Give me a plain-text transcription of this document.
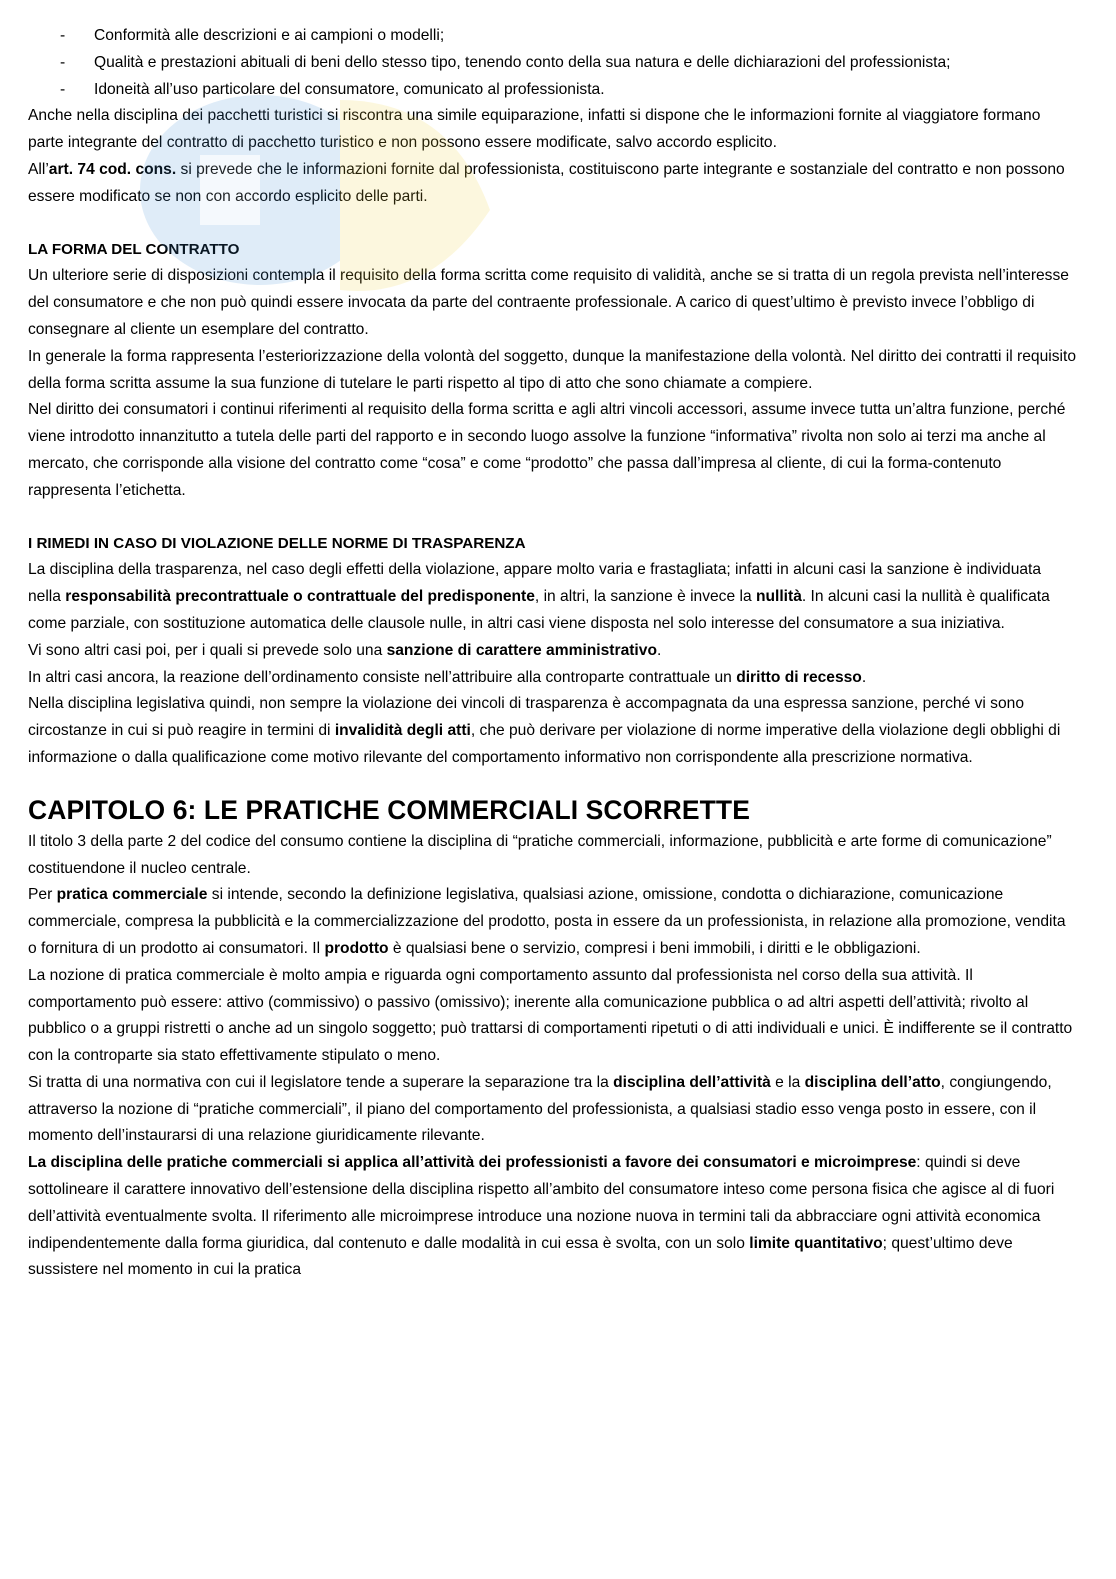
- Conformità alle descrizioni e ai campioni o modelli;
- Qualità e prestazioni abituali di beni dello stesso tipo, tenendo conto della sua natura e delle dichiarazioni del professionista;
- Idoneità all’uso particolare del consumatore, comunicato al professionista.

Anche nella disciplina dei pacchetti turistici si riscontra una simile equiparazione, infatti si dispone che le informazioni fornite al viaggiatore formano parte integrante del contratto di pacchetto turistico e non possono essere modificate, salvo accordo esplicito.

All’art. 74 cod. cons. si prevede che le informazioni fornite dal professionista, costituiscono parte integrante e sostanziale del contratto e non possono essere modificato se non con accordo esplicito delle parti.

LA FORMA DEL CONTRATTO

Un ulteriore serie di disposizioni contempla il requisito della forma scritta come requisito di validità, anche se si tratta di un regola prevista nell’interesse del consumatore e che non può quindi essere invocata da parte del contraente professionale. A carico di quest’ultimo è previsto invece l’obbligo di consegnare al cliente un esemplare del contratto.

In generale la forma rappresenta l’esteriorizzazione della volontà del soggetto, dunque la manifestazione della volontà. Nel diritto dei contratti il requisito della forma scritta assume la sua funzione di tutelare le parti rispetto al tipo di atto che sono chiamate a compiere.

Nel diritto dei consumatori i continui riferimenti al requisito della forma scritta e agli altri vincoli accessori, assume invece tutta un’altra funzione, perché viene introdotto innanzitutto a tutela delle parti del rapporto e in secondo luogo assolve la funzione “informativa” rivolta non solo ai terzi ma anche al mercato, che corrisponde alla visione del contratto come “cosa” e come “prodotto” che passa dall’impresa al cliente, di cui la forma-contenuto rappresenta l’etichetta.

I RIMEDI IN CASO DI VIOLAZIONE DELLE NORME DI TRASPARENZA

La disciplina della trasparenza, nel caso degli effetti della violazione, appare molto varia e frastagliata; infatti in alcuni casi la sanzione è individuata nella responsabilità precontrattuale o contrattuale del predisponente, in altri, la sanzione è invece la nullità. In alcuni casi la nullità è qualificata come parziale, con sostituzione automatica delle clausole nulle, in altri casi viene disposta nel solo interesse del consumatore a sua iniziativa.

Vi sono altri casi poi, per i quali si prevede solo una sanzione di carattere amministrativo.

In altri casi ancora, la reazione dell’ordinamento consiste nell’attribuire alla controparte contrattuale un diritto di recesso.

Nella disciplina legislativa quindi, non sempre la violazione dei vincoli di trasparenza è accompagnata da una espressa sanzione, perché vi sono circostanze in cui si può reagire in termini di invalidità degli atti, che può derivare per violazione di norme imperative della violazione degli obblighi di informazione o dalla qualificazione come motivo rilevante del comportamento informativo non corrispondente alla prescrizione normativa.

CAPITOLO 6: LE PRATICHE COMMERCIALI SCORRETTE

Il titolo 3 della parte 2 del codice del consumo contiene la disciplina di “pratiche commerciali, informazione, pubblicità e arte forme di comunicazione” costituendone il nucleo centrale.

Per pratica commerciale si intende, secondo la definizione legislativa, qualsiasi azione, omissione, condotta o dichiarazione, comunicazione commerciale, compresa la pubblicità e la commercializzazione del prodotto, posta in essere da un professionista, in relazione alla promozione, vendita o fornitura di un prodotto ai consumatori. Il prodotto è qualsiasi bene o servizio, compresi i beni immobili, i diritti e le obbligazioni.

La nozione di pratica commerciale è molto ampia e riguarda ogni comportamento assunto dal professionista nel corso della sua attività. Il comportamento può essere: attivo (commissivo) o passivo (omissivo); inerente alla comunicazione pubblica o ad altri aspetti dell’attività; rivolto al pubblico o a gruppi ristretti o anche ad un singolo soggetto; può trattarsi di comportamenti ripetuti o di atti individuali e unici. È indifferente se il contratto con la controparte sia stato effettivamente stipulato o meno.

Si tratta di una normativa con cui il legislatore tende a superare la separazione tra la disciplina dell’attività e la disciplina dell’atto, congiungendo, attraverso la nozione di “pratiche commerciali”, il piano del comportamento del professionista, a qualsiasi stadio esso venga posto in essere, con il momento dell’instaurarsi di una relazione giuridicamente rilevante.

La disciplina delle pratiche commerciali si applica all’attività dei professionisti a favore dei consumatori e microimprese: quindi si deve sottolineare il carattere innovativo dell’estensione della disciplina rispetto all’ambito del consumatore inteso come persona fisica che agisce al di fuori dell’attività eventualmente svolta. Il riferimento alle microimprese introduce una nozione nuova in termini tali da abbracciare ogni attività economica indipendentemente dalla forma giuridica, dal contenuto e dalle modalità in cui essa è svolta, con un solo limite quantitativo; quest’ultimo deve sussistere nel momento in cui la pratica
